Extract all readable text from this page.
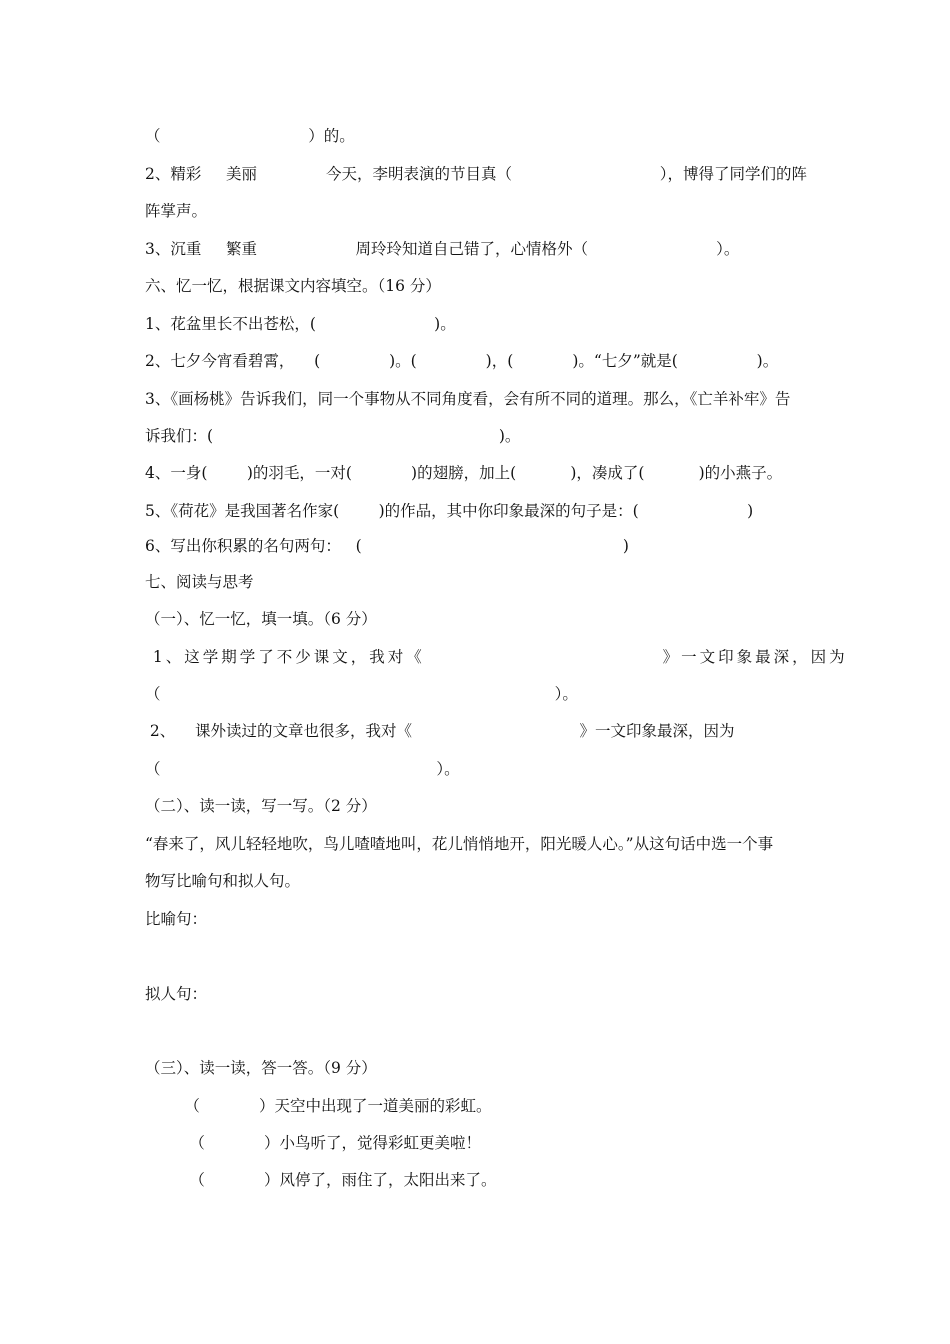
（                              ）的。
2、精彩     美丽              今天，李明表演的节目真（                              ），博得了同学们的阵
阵掌声。
3、沉重     繁重                    周玲玲知道自己错了，心情格外（                          ）。
六、忆一忆，根据课文内容填空。（16 分）
1、花盆里长不出苍松，(                        )。
2、七夕今宵看碧霄，    (              )。(              )，(            )。“七夕”就是(                )。
3、《画杨桃》告诉我们，同一个事物从不同角度看，会有所不同的道理。那么，《亡羊补牢》告
诉我们：(                                                          )。
4、一身(        )的羽毛，一对(            )的翅膀，加上(           )，凑成了(           )的小燕子。
5、《荷花》是我国著名作家(        )的作品，其中你印象最深的句子是：(                      )
6、写出你积累的名句两句：   (                                                     )
七、阅读与思考
（一）、忆一忆，填一填。（6 分）
1、这学期学了不少课文，我对《                              》一文印象最深，因为
（                                                                                ）。
2、    课外读过的文章也很多，我对《                                  》一文印象最深，因为
（                                                        ）。
（二）、读一读，写一写。（2 分）
“春来了，风儿轻轻地吹，鸟儿喳喳地叫，花儿悄悄地开，阳光暖人心。”从这句话中选一个事
物写比喻句和拟人句。
比喻句：
拟人句：
（三）、读一读，答一答。（9 分）
（            ）天空中出现了一道美丽的彩虹。
（            ）小鸟听了，觉得彩虹更美啦！
（            ）风停了，雨住了，太阳出来了。
